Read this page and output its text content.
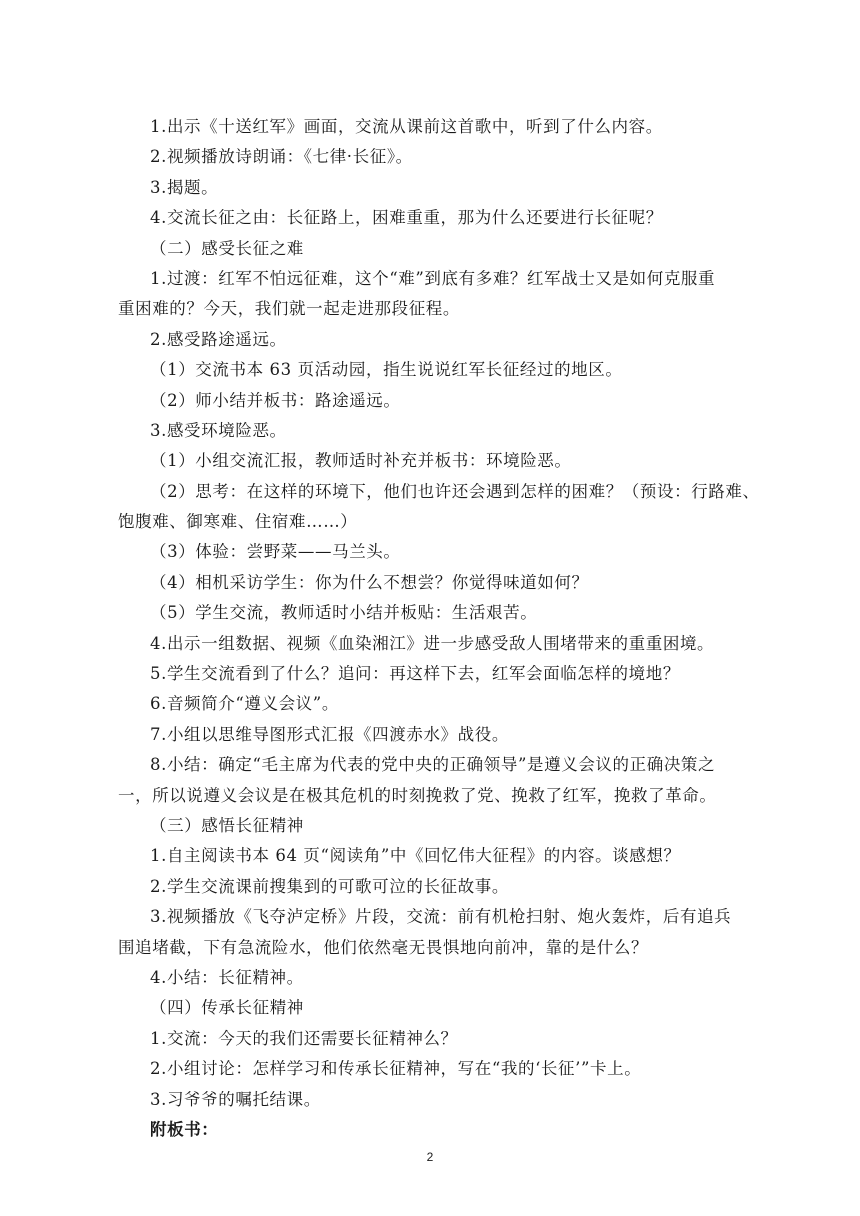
1.出示《十送红军》画面，交流从课前这首歌中，听到了什么内容。
2.视频播放诗朗诵：《七律·长征》。
3.揭题。
4.交流长征之由：长征路上，困难重重，那为什么还要进行长征呢？
（二）感受长征之难
1.过渡：红军不怕远征难，这个“难”到底有多难？红军战士又是如何克服重
重困难的？今天，我们就一起走进那段征程。
2.感受路途遥远。
（1）交流书本 63 页活动园，指生说说红军长征经过的地区。
（2）师小结并板书：路途遥远。
3.感受环境险恶。
（1）小组交流汇报，教师适时补充并板书：环境险恶。
（2）思考：在这样的环境下，他们也许还会遇到怎样的困难？（预设：行路难、
饱腹难、御寒难、住宿难……）
（3）体验：尝野菜——马兰头。
（4）相机采访学生：你为什么不想尝？你觉得味道如何？
（5）学生交流，教师适时小结并板贴：生活艰苦。
4.出示一组数据、视频《血染湘江》进一步感受敌人围堵带来的重重困境。
5.学生交流看到了什么？追问：再这样下去，红军会面临怎样的境地？
6.音频简介“遵义会议”。
7.小组以思维导图形式汇报《四渡赤水》战役。
8.小结：确定“毛主席为代表的党中央的正确领导”是遵义会议的正确决策之
一，所以说遵义会议是在极其危机的时刻挽救了党、挽救了红军，挽救了革命。
（三）感悟长征精神
1.自主阅读书本 64 页“阅读角”中《回忆伟大征程》的内容。谈感想？
2.学生交流课前搜集到的可歌可泣的长征故事。
3.视频播放《飞夺泸定桥》片段，交流：前有机枪扫射、炮火轰炸，后有追兵
围追堵截，下有急流险水，他们依然毫无畏惧地向前冲，靠的是什么？
4.小结：长征精神。
（四）传承长征精神
1.交流：今天的我们还需要长征精神么？
2.小组讨论：怎样学习和传承长征精神，写在“我的‘长征’”卡上。
3.习爷爷的嘱托结课。
附板书：
2
